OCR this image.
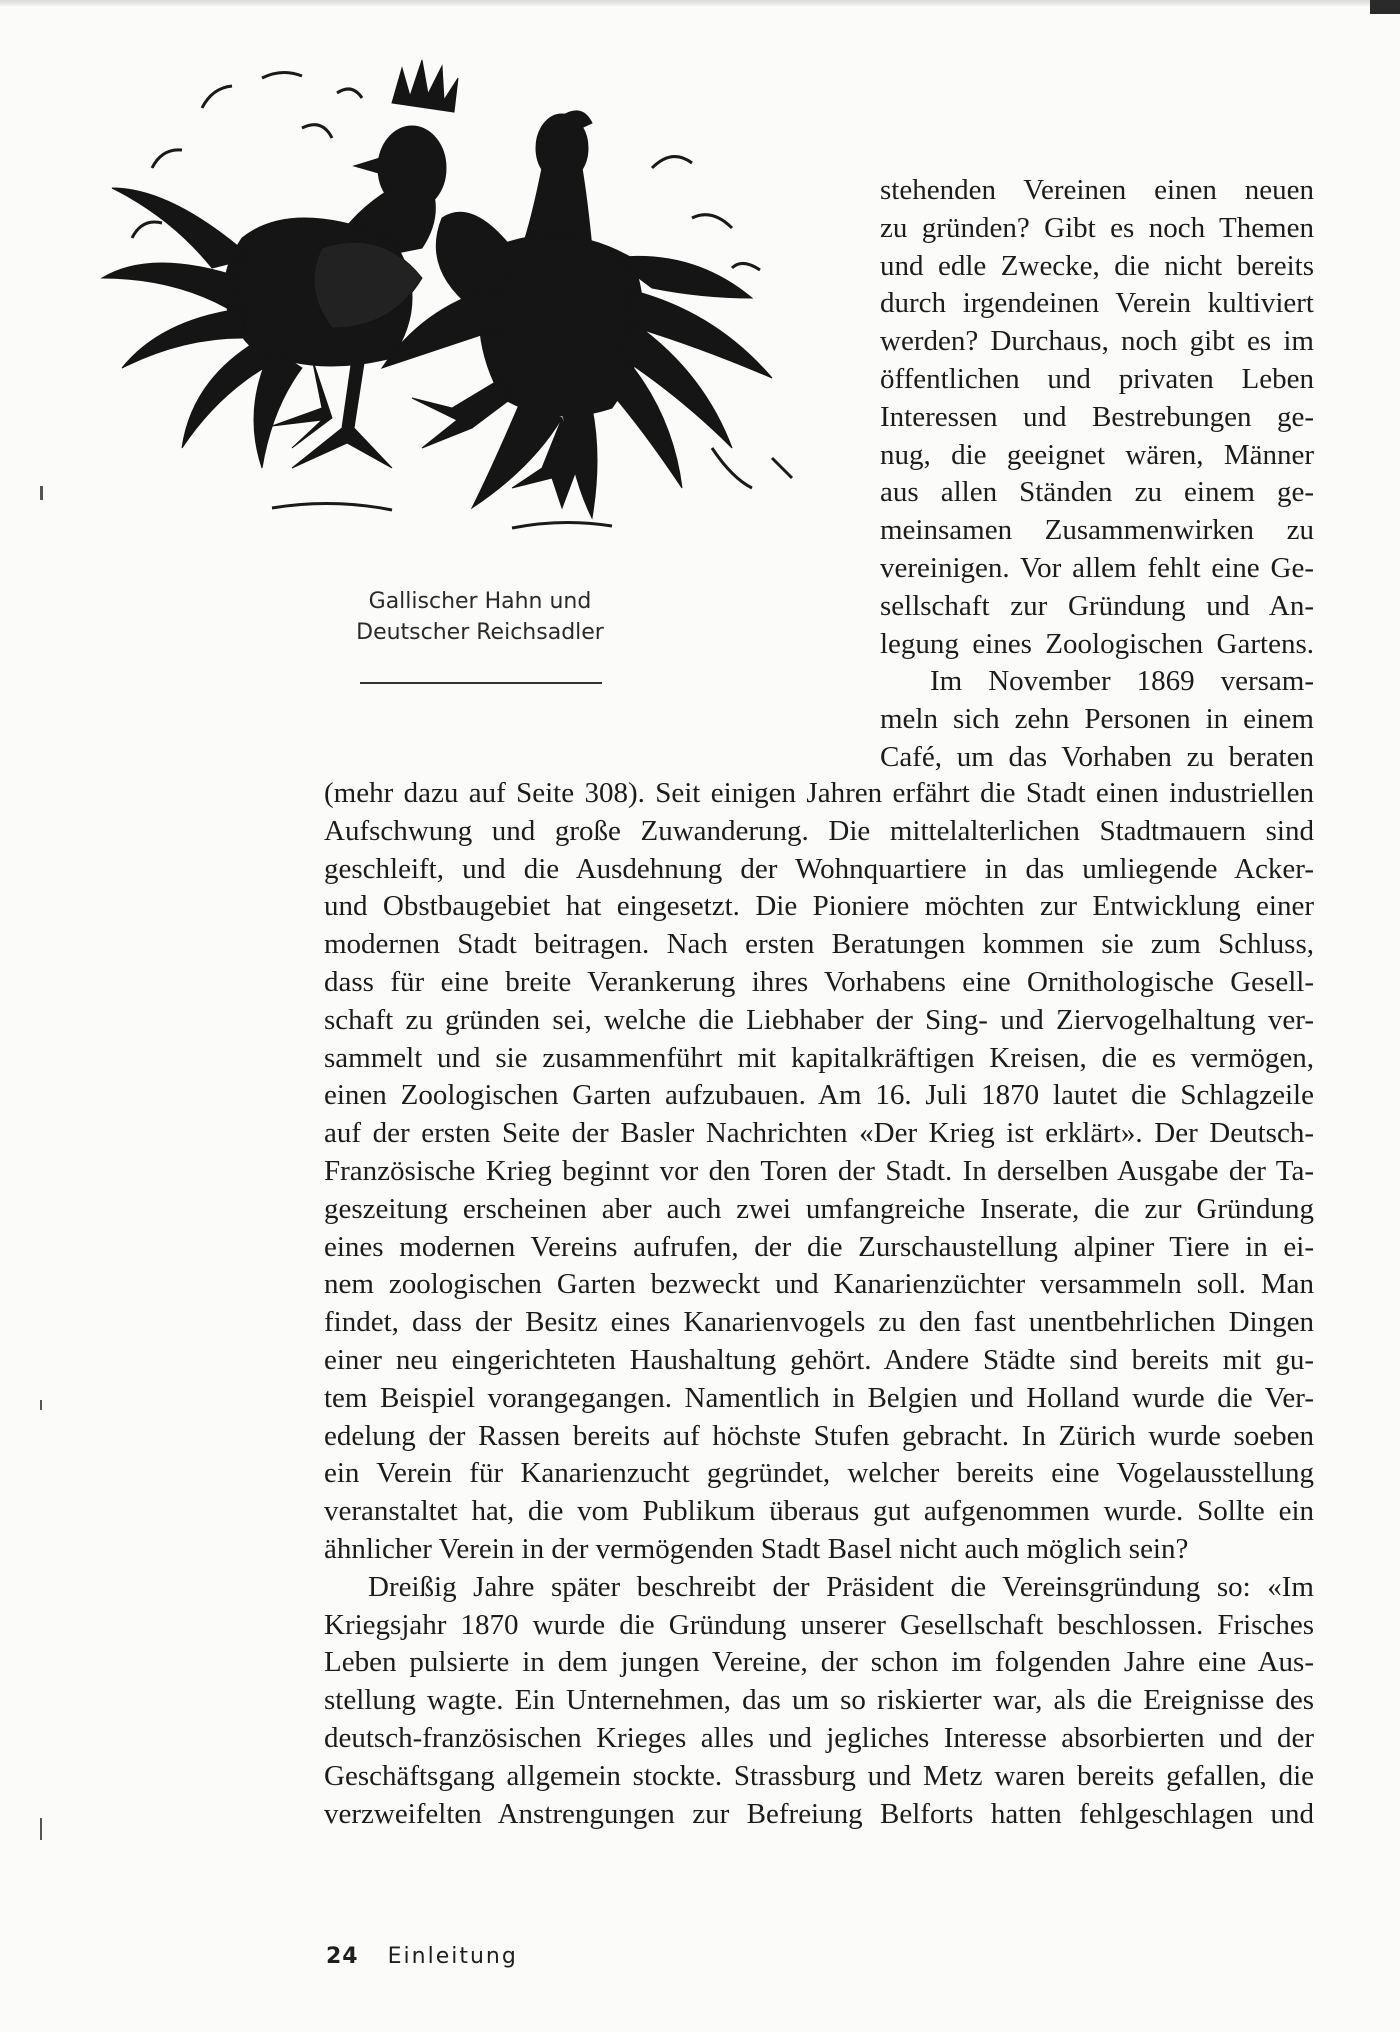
Gallischer Hahn und
Deutscher Reichsadler
stehenden Vereinen einen neuen
zu gründen? Gibt es noch Themen
und edle Zwecke, die nicht bereits
durch irgendeinen Verein kultiviert
werden? Durchaus, noch gibt es im
öffentlichen und privaten Leben
Interessen und Bestrebungen ge-
nug, die geeignet wären, Männer
aus allen Ständen zu einem ge-
meinsamen Zusammenwirken zu
vereinigen. Vor allem fehlt eine Ge-
sellschaft zur Gründung und An-
legung eines Zoologischen Gartens.
Im November 1869 versam-
meln sich zehn Personen in einem
Café, um das Vorhaben zu beraten
(mehr dazu auf Seite 308). Seit einigen Jahren erfährt die Stadt einen industriellen
Aufschwung und große Zuwanderung. Die mittelalterlichen Stadtmauern sind
geschleift, und die Ausdehnung der Wohnquartiere in das umliegende Acker-
und Obstbaugebiet hat eingesetzt. Die Pioniere möchten zur Entwicklung einer
modernen Stadt beitragen. Nach ersten Beratungen kommen sie zum Schluss,
dass für eine breite Verankerung ihres Vorhabens eine Ornithologische Gesell-
schaft zu gründen sei, welche die Liebhaber der Sing- und Ziervogelhaltung ver-
sammelt und sie zusammenführt mit kapitalkräftigen Kreisen, die es vermögen,
einen Zoologischen Garten aufzubauen. Am 16. Juli 1870 lautet die Schlagzeile
auf der ersten Seite der Basler Nachrichten «Der Krieg ist erklärt». Der Deutsch-
Französische Krieg beginnt vor den Toren der Stadt. In derselben Ausgabe der Ta-
geszeitung erscheinen aber auch zwei umfangreiche Inserate, die zur Gründung
eines modernen Vereins aufrufen, der die Zurschaustellung alpiner Tiere in ei-
nem zoologischen Garten bezweckt und Kanarienzüchter versammeln soll. Man
findet, dass der Besitz eines Kanarienvogels zu den fast unentbehrlichen Dingen
einer neu eingerichteten Haushaltung gehört. Andere Städte sind bereits mit gu-
tem Beispiel vorangegangen. Namentlich in Belgien und Holland wurde die Ver-
edelung der Rassen bereits auf höchste Stufen gebracht. In Zürich wurde soeben
ein Verein für Kanarienzucht gegründet, welcher bereits eine Vogelausstellung
veranstaltet hat, die vom Publikum überaus gut aufgenommen wurde. Sollte ein
ähnlicher Verein in der vermögenden Stadt Basel nicht auch möglich sein?
Dreißig Jahre später beschreibt der Präsident die Vereinsgründung so: «Im
Kriegsjahr 1870 wurde die Gründung unserer Gesellschaft beschlossen. Frisches
Leben pulsierte in dem jungen Vereine, der schon im folgenden Jahre eine Aus-
stellung wagte. Ein Unternehmen, das um so riskierter war, als die Ereignisse des
deutsch-französischen Krieges alles und jegliches Interesse absorbierten und der
Geschäftsgang allgemein stockte. Strassburg und Metz waren bereits gefallen, die
verzweifelten Anstrengungen zur Befreiung Belforts hatten fehlgeschlagen und
24 Einleitung
